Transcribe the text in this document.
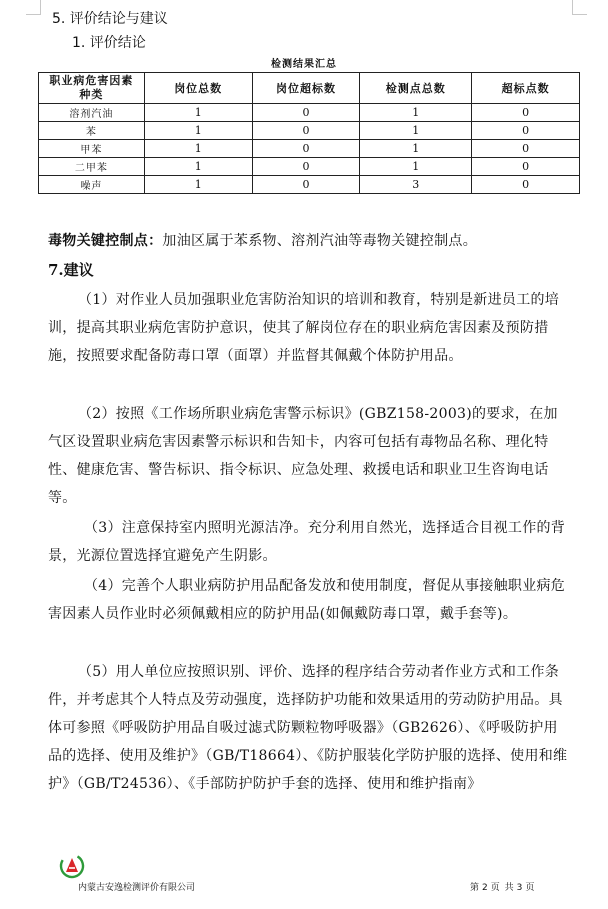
5. 评价结论与建议
1. 评价结论
检测结果汇总
职业病危害因素
种类	岗位总数	岗位超标数	检测点总数	超标点数
溶剂汽油	1	0	1	0
苯	1	0	1	0
甲苯	1	0	1	0
二甲苯	1	0	1	0
噪声	1	0	3	0
毒物关键控制点：加油区属于苯系物、溶剂汽油等毒物关键控制点。
7.建议
（1）对作业人员加强职业危害防治知识的培训和教育，特别是新进员工的培训，提高其职业病危害防护意识，使其了解岗位存在的职业病危害因素及预防措施，按照要求配备防毒口罩（面罩）并监督其佩戴个体防护用品。
（2）按照《工作场所职业病危害警示标识》(GBZ158-2003)的要求，在加气区设置职业病危害因素警示标识和告知卡，内容可包括有毒物品名称、理化特性、健康危害、警告标识、指令标识、应急处理、救援电话和职业卫生咨询电话等。
（3）注意保持室内照明光源洁净。充分利用自然光，选择适合目视工作的背景，光源位置选择宜避免产生阴影。
（4）完善个人职业病防护用品配备发放和使用制度，督促从事接触职业病危害因素人员作业时必须佩戴相应的防护用品(如佩戴防毒口罩，戴手套等)。
（5）用人单位应按照识别、评价、选择的程序结合劳动者作业方式和工作条件，并考虑其个人特点及劳动强度，选择防护功能和效果适用的劳动防护用品。具体可参照《呼吸防护用品自吸过滤式防颗粒物呼吸器》（GB2626）、《呼吸防护用品的选择、使用及维护》（GB/T18664）、《防护服装化学防护服的选择、使用和维护》（GB/T24536）、《手部防护防护手套的选择、使用和维护指南》
内蒙古安逸检测评价有限公司	第 2 页 共 3 页
